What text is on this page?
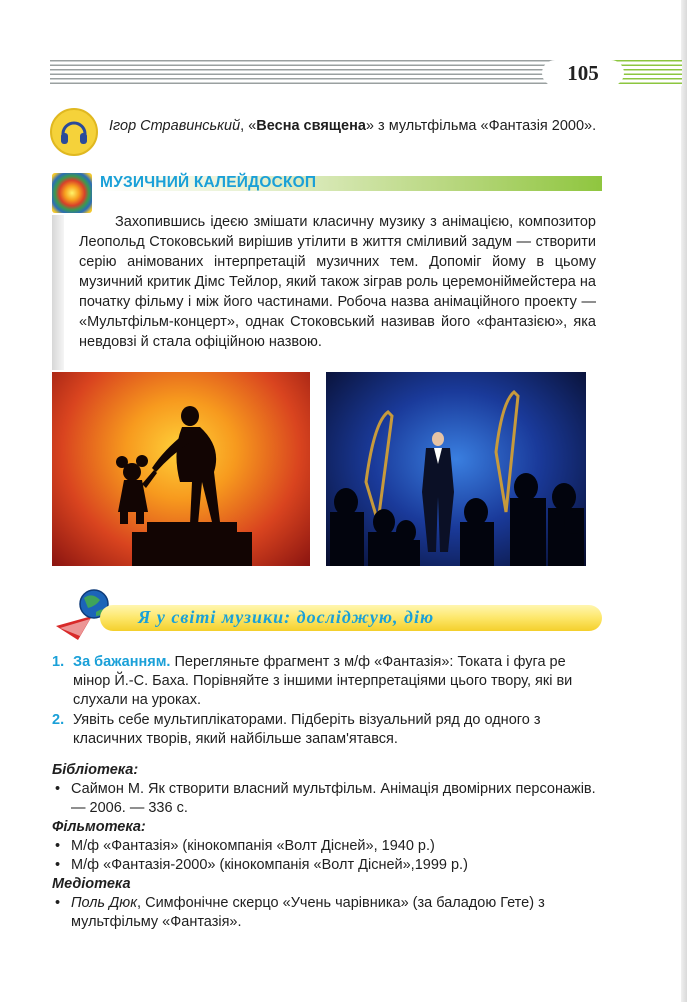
105
Ігор Стравинський, «Весна священа» з мультфільма «Фантазія 2000».
МУЗИЧНИЙ КАЛЕЙДОСКОП
Захопившись ідеєю змішати класичну музику з анімацією, композитор Леопольд Стоковський вирішив утілити в життя сміливий задум — створити серію анімованих інтерпретацій музичних тем. Допоміг йому в цьому музичний критик Дімс Тейлор, який також зіграв роль церемоніймейстера на початку фільму і між його частинами. Робоча назва анімаційного проекту — «Мультфільм-концерт», однак Стоковський називав його «фантазією», яка невдовзі й стала офіційною назвою.
Я у світі музики: досліджую, дію
1. За бажанням. Перегляньте фрагмент з м/ф «Фантазія»: Токата і фуга ре мінор Й.-С. Баха. Порівняйте з іншими інтерпретаціями цього твору, які ви слухали на уроках.
2. Уявіть себе мультиплікаторами. Підберіть візуальний ряд до одного з класичних творів, який найбільше запам'ятався.
Бібліотека:
• Саймон М. Як створити власний мультфільм. Анімація двомірних персонажів. — 2006. — 336 с.
Фільмотека:
• М/ф «Фантазія» (кінокомпанія «Волт Дісней», 1940 р.)
• М/ф «Фантазія-2000» (кінокомпанія «Волт Дісней»,1999 р.)
Медіотека
• Поль Дюк, Симфонічне скерцо «Учень чарівника» (за баладою Гете) з мультфільму «Фантазія».
